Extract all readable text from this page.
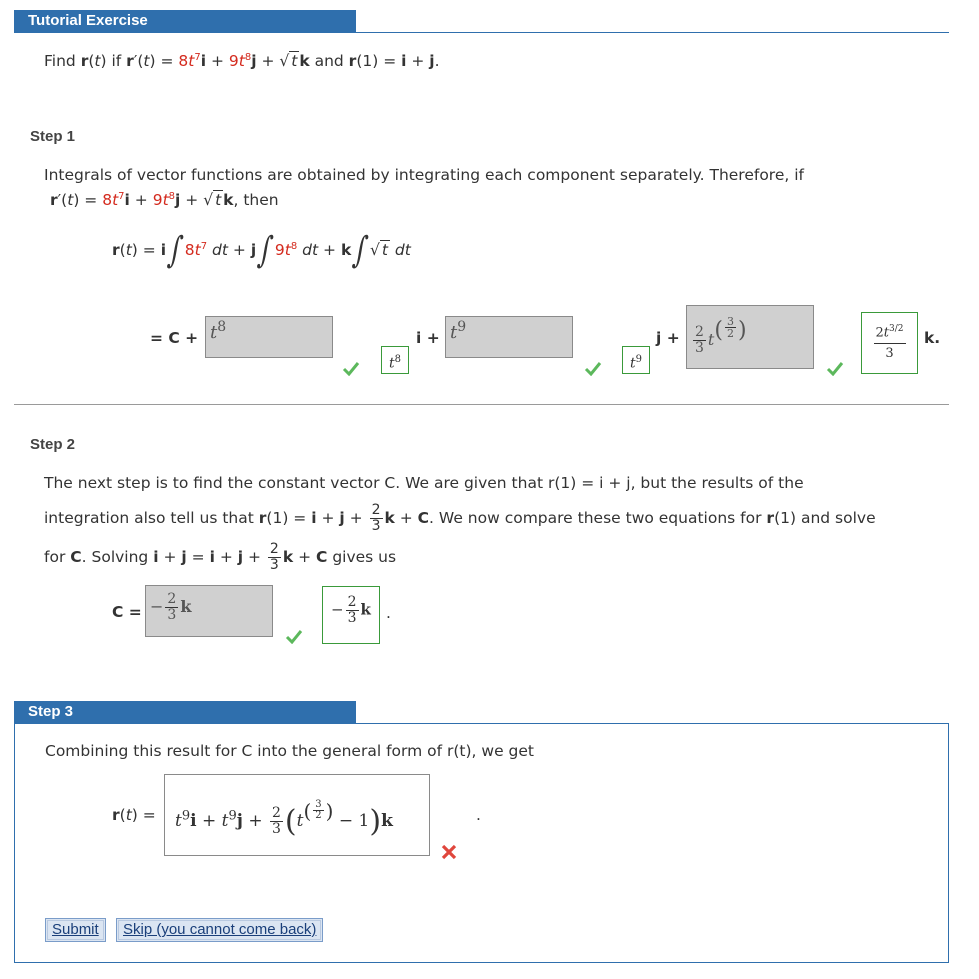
Tutorial Exercise
Find r(t) if $r'(t) = 8t^7i + 9t^8j$ + √ t k and r(1) = i + j.
Step 1
Integrals of vector functions are obtained by integrating each component separately. Therefore, if
$r'(t) = 8t^7i + 9t^8j$ + √ t k, then
$r(t) = i\int 8t^7$ dt + $j\int 9t^8$ dt + k∫√ t dt
= $C + t^8$
$t^8$
$i + t^9$
$t^9$
$j + \frac{2}{3} t( \frac{3}{2}$ )	$\frac{2t^{3/2}}{3} k$.
Step 2
The next step is to find the constant vector C. We are given that r(1) = i + j, but the results of the
integration also tell us that $r(1) = i + j + \frac{2}{3}$ k + C. We now compare these two equations for r(1) and solve
for C. Solving $i + j = i + j + \frac{2}{3}$ k + C gives us
C = − $\frac{2}{3}$ k	− $\frac{2}{3}$ k .
Step 3
Combining this result for C into the general form of r(t), we get
$r(t) = t^9i + t^9j + \frac{2}{3} (t( \frac{3}{2}$ ) − 1)k	.
Submit	Skip (you cannot come back)
